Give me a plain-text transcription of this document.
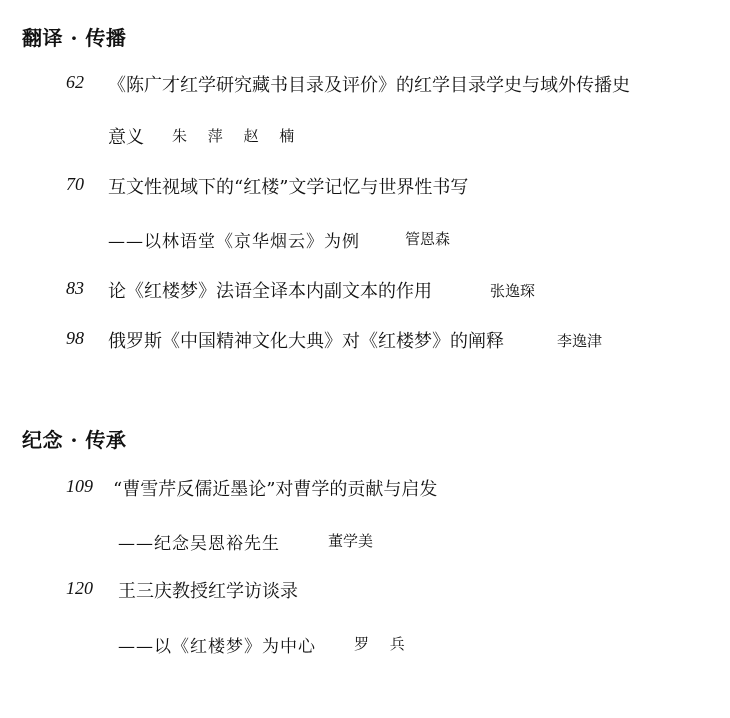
翻译 · 传播
62 《陈广才红学研究藏书目录及评价》的红学目录学史与域外传播史
意义 朱 萍 赵 楠
70 互文性视域下的“红楼”文学记忆与世界性书写
——以林语堂《京华烟云》为例	管恩森
83 论《红楼梦》法语全译本内副文本的作用	张逸琛
98 俄罗斯《中国精神文化大典》对《红楼梦》的阐释	李逸津
纪念 · 传承
109 “曹雪芹反儒近墨论”对曹学的贡献与启发
——纪念吴恩裕先生	董学美
120 王三庆教授红学访谈录
——以《红楼梦》为中心	罗 兵
